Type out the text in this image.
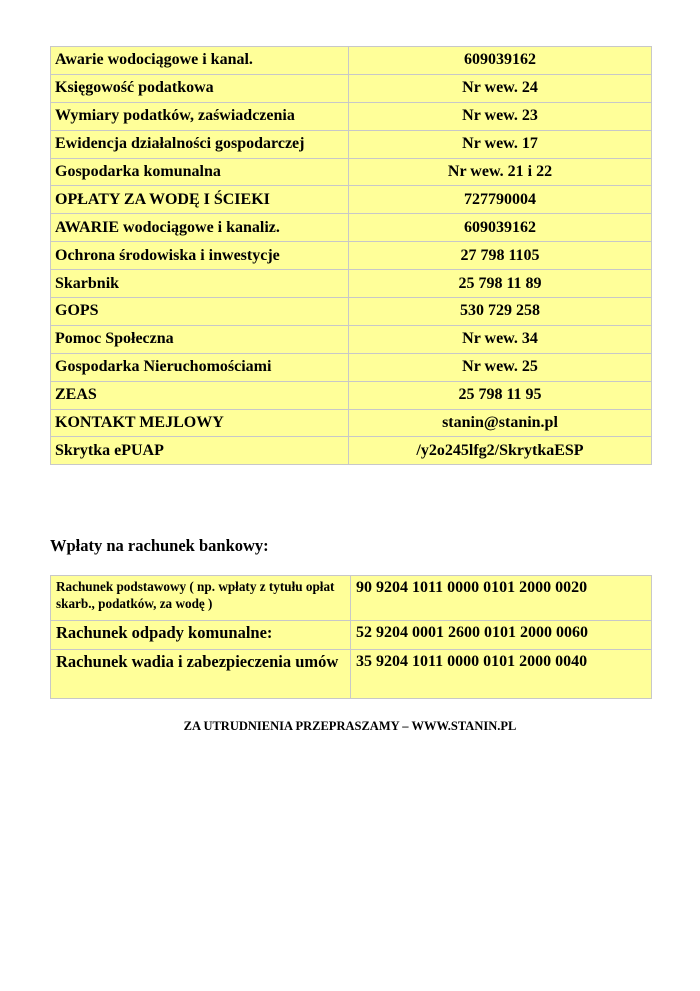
Awarie wodociągowe i kanal.	609039162
Księgowość podatkowa	Nr wew. 24
Wymiary podatków, zaświadczenia	Nr wew. 23
Ewidencja działalności gospodarczej	Nr wew. 17
Gospodarka komunalna	Nr wew. 21 i 22
OPŁATY ZA WODĘ I ŚCIEKI	727790004
AWARIE wodociągowe i kanaliz.	609039162
Ochrona środowiska i inwestycje	27 798 1105
Skarbnik	25 798 11 89
GOPS	530 729 258
Pomoc Społeczna	Nr wew. 34
Gospodarka Nieruchomościami	Nr wew. 25
ZEAS	25 798 11 95
KONTAKT MEJLOWY	stanin@stanin.pl
Skrytka ePUAP	/y2o245lfg2/SkrytkaESP

Wpłaty na rachunek bankowy:

Rachunek podstawowy ( np. wpłaty z tytułu opłat skarb., podatków, za wodę )	90 9204 1011 0000 0101 2000 0020
Rachunek odpady komunalne:	52 9204 0001 2600 0101 2000 0060
Rachunek wadia i zabezpieczenia umów	35 9204 1011 0000 0101 2000 0040

ZA UTRUDNIENIA PRZEPRASZAMY – WWW.STANIN.PL
